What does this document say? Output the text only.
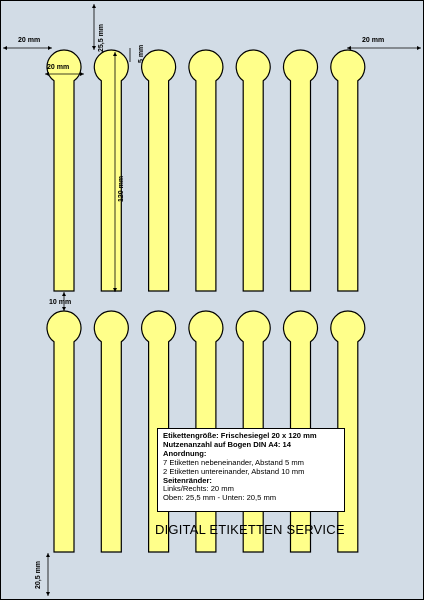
20 mm	20 mm
25,5 mm
20 mm
5 mm
120 mm
10 mm
20,5 mm
Etikettengröße: Frischesiegel 20 x 120 mm
Nutzenanzahl auf Bogen DIN A4: 14
Anordnung:
7 Etiketten nebeneinander, Abstand 5 mm
2 Etiketten untereinander, Abstand 10 mm
Seitenränder:
Links/Rechts: 20 mm
Oben: 25,5 mm - Unten: 20,5 mm
DIGITAL ETIKETTEN SERVICE
